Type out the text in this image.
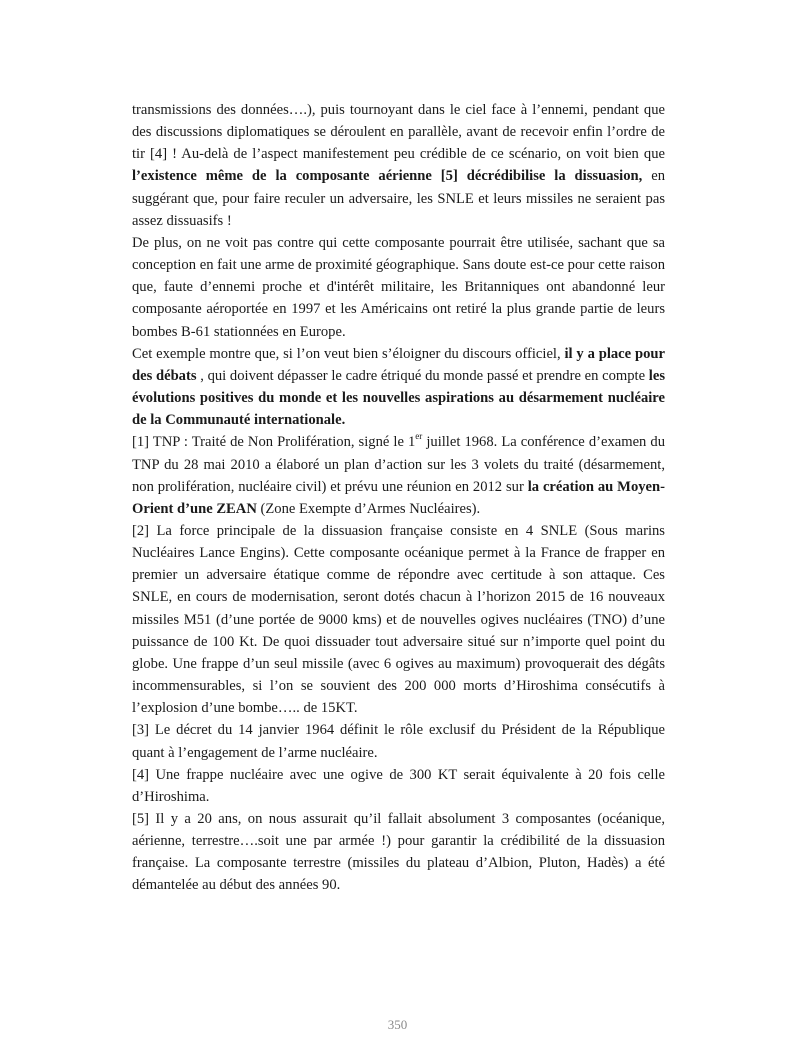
transmissions des données….), puis tournoyant dans le ciel face à l’ennemi, pendant que des discussions diplomatiques se déroulent en parallèle, avant de recevoir enfin l’ordre de tir [4] ! Au-delà de l’aspect manifestement peu crédible de ce scénario, on voit bien que l’existence même de la composante aérienne [5] décrédibilise la dissuasion, en suggérant que, pour faire reculer un adversaire, les SNLE et leurs missiles ne seraient pas assez dissuasifs !

De plus, on ne voit pas contre qui cette composante pourrait être utilisée, sachant que sa conception en fait une arme de proximité géographique. Sans doute est-ce pour cette raison que, faute d’ennemi proche et d'intérêt militaire, les Britanniques ont abandonné leur composante aéroportée en 1997 et les Américains ont retiré la plus grande partie de leurs bombes B-61 stationnées en Europe.

Cet exemple montre que, si l’on veut bien s’éloigner du discours officiel, il y a place pour des débats , qui doivent dépasser le cadre étriqué du monde passé et prendre en compte les évolutions positives du monde et les nouvelles aspirations au désarmement nucléaire de la Communauté internationale.

[1] TNP : Traité de Non Prolifération, signé le 1er juillet 1968. La conférence d’examen du TNP du 28 mai 2010 a élaboré un plan d’action sur les 3 volets du traité (désarmement, non prolifération, nucléaire civil) et prévu une réunion en 2012 sur la création au Moyen-Orient d’une ZEAN (Zone Exempte d’Armes Nucléaires).

[2] La force principale de la dissuasion française consiste en 4 SNLE (Sous marins Nucléaires Lance Engins). Cette composante océanique permet à la France de frapper en premier un adversaire étatique comme de répondre avec certitude à son attaque. Ces SNLE, en cours de modernisation, seront dotés chacun à l’horizon 2015 de 16 nouveaux missiles M51 (d’une portée de 9000 kms) et de nouvelles ogives nucléaires (TNO) d’une puissance de 100 Kt. De quoi dissuader tout adversaire situé sur n’importe quel point du globe. Une frappe d’un seul missile (avec 6 ogives au maximum) provoquerait des dégâts incommensurables, si l’on se souvient des 200 000 morts d’Hiroshima consécutifs à l’explosion d’une bombe….. de 15KT.

[3] Le décret du 14 janvier 1964 définit le rôle exclusif du Président de la République quant à l’engagement de l’arme nucléaire.

[4] Une frappe nucléaire avec une ogive de 300 KT serait équivalente à 20 fois celle d’Hiroshima.

[5] Il y a 20 ans, on nous assurait qu’il fallait absolument 3 composantes (océanique, aérienne, terrestre….soit une par armée !) pour garantir la crédibilité de la dissuasion française. La composante terrestre (missiles du plateau d’Albion, Pluton, Hadès) a été démantelée au début des années 90.

350
